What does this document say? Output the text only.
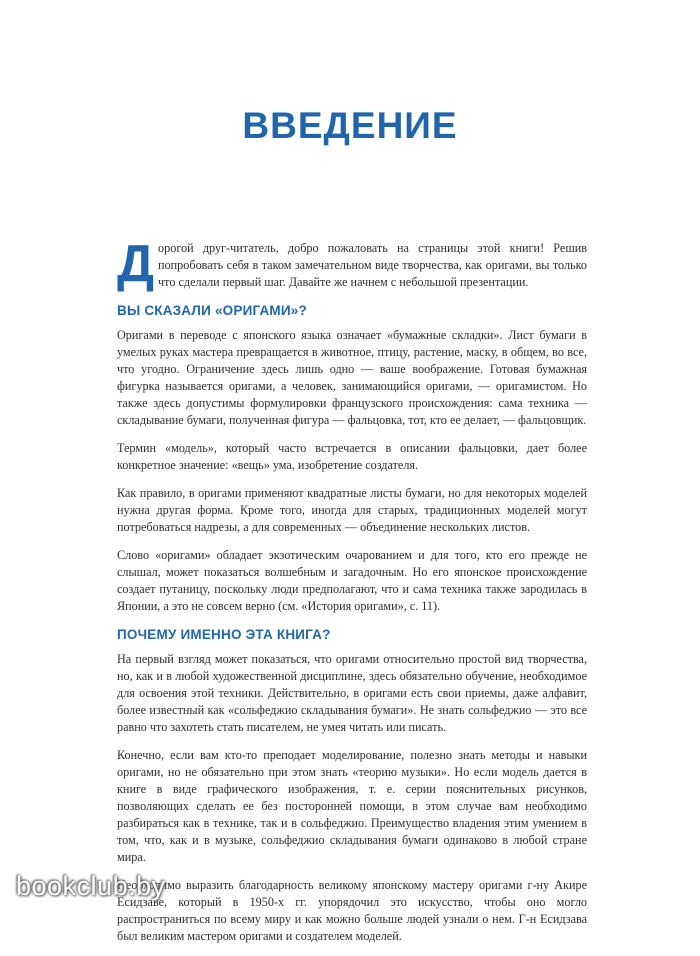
ВВЕДЕНИЕ

Дорогой друг-читатель, добро пожаловать на страницы этой книги! Решив попробовать себя в таком замечательном виде творчества, как оригами, вы только что сделали первый шаг. Давайте же начнем с небольшой презентации.

ВЫ СКАЗАЛИ «ОРИГАМИ»?

Оригами в переводе с японского языка означает «бумажные складки». Лист бумаги в умелых руках мастера превращается в животное, птицу, растение, маску, в общем, во все, что угодно. Ограничение здесь лишь одно — ваше воображение. Готовая бумажная фигурка называется оригами, а человек, занимающийся оригами, — оригамистом. Но также здесь допустимы формулировки французского происхождения: сама техника — складывание бумаги, полученная фигура — фальцовка, тот, кто ее делает, — фальцовщик.

Термин «модель», который часто встречается в описании фальцовки, дает более конкретное значение: «вещь» ума, изобретение создателя.

Как правило, в оригами применяют квадратные листы бумаги, но для некоторых моделей нужна другая форма. Кроме того, иногда для старых, традиционных моделей могут потребоваться надрезы, а для современных — объединение нескольких листов.

Слово «оригами» обладает экзотическим очарованием и для того, кто его прежде не слышал, может показаться волшебным и загадочным. Но его японское происхождение создает путаницу, поскольку люди предполагают, что и сама техника также зародилась в Японии, а это не совсем верно (см. «История оригами», с. 11).

ПОЧЕМУ ИМЕННО ЭТА КНИГА?

На первый взгляд может показаться, что оригами относительно простой вид творчества, но, как и в любой художественной дисциплине, здесь обязательно обучение, необходимое для освоения этой техники. Действительно, в оригами есть свои приемы, даже алфавит, более известный как «сольфеджио складывания бумаги». Не знать сольфеджио — это все равно что захотеть стать писателем, не умея читать или писать.

Конечно, если вам кто-то преподает моделирование, полезно знать методы и навыки оригами, но не обязательно при этом знать «теорию музыки». Но если модель дается в книге в виде графического изображения, т. е. серии пояснительных рисунков, позволяющих сделать ее без посторонней помощи, в этом случае вам необходимо разбираться как в технике, так и в сольфеджио. Преимущество владения этим умением в том, что, как и в музыке, сольфеджио складывания бумаги одинаково в любой стране мира.

Необходимо выразить благодарность великому японскому мастеру оригами г-ну Акире Есидзаве, который в 1950-х гг. упорядочил это искусство, чтобы оно могло распространиться по всему миру и как можно больше людей узнали о нем. Г-н Есидзава был великим мастером оригами и создателем моделей.

bookclub.by
